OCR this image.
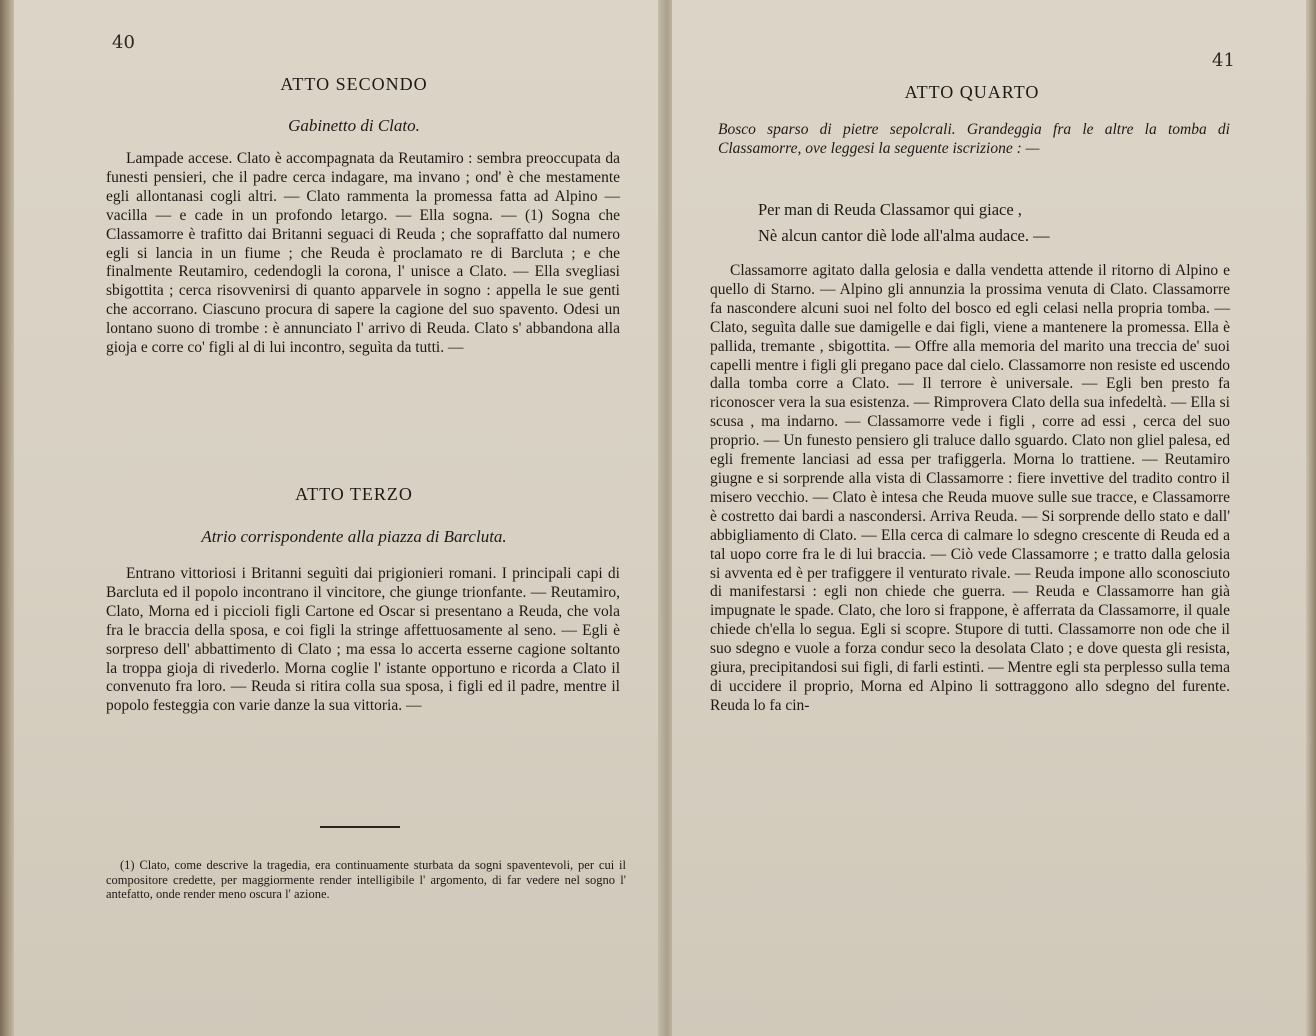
40
ATTO SECONDO
Gabinetto di Clato.

Lampade accese. Clato è accompagnata da Reutamiro : sembra preoccupata da funesti pensieri, che il padre cerca indagare, ma invano ; ond' è che mestamente egli allontanasi cogli altri. — Clato rammenta la promessa fatta ad Alpino — vacilla — e cade in un profondo letargo. — Ella sogna. — (1) Sogna che Classamorre è trafitto dai Britanni seguaci di Reuda ; che sopraffatto dal numero egli si lancia in un fiume ; che Reuda è proclamato re di Barcluta ; e che finalmente Reutamiro, cedendogli la corona, l' unisce a Clato. — Ella svegliasi sbigottita ; cerca risovvenirsi di quanto apparvele in sogno : appella le sue genti che accorrano. Ciascuno procura di sapere la cagione del suo spavento. Odesi un lontano suono di trombe : è annunciato l' arrivo di Reuda. Clato s' abbandona alla gioja e corre co' figli al di lui incontro, seguìta da tutti. —

ATTO TERZO
Atrio corrispondente alla piazza di Barcluta.

Entrano vittoriosi i Britanni seguìti dai prigionieri romani. I principali capi di Barcluta ed il popolo incontrano il vincitore, che giunge trionfante. — Reutamiro, Clato, Morna ed i piccioli figli Cartone ed Oscar si presentano a Reuda, che vola fra le braccia della sposa, e coi figli la stringe affettuosamente al seno. — Egli è sorpreso dell' abbattimento di Clato ; ma essa lo accerta esserne cagione soltanto la troppa gioja di rivederlo. Morna coglie l' istante opportuno e ricorda a Clato il convenuto fra loro. — Reuda si ritira colla sua sposa, i figli ed il padre, mentre il popolo festeggia con varie danze la sua vittoria. —

(1) Clato, come descrive la tragedia, era continuamente sturbata da sogni spaventevoli, per cui il compositore credette, per maggiormente render intelligibile l' argomento, di far vedere nel sogno l' antefatto, onde render meno oscura l' azione.

41
ATTO QUARTO

Bosco sparso di pietre sepolcrali. Grandeggia fra le altre la tomba di Classamorre, ove leggesi la seguente iscrizione : —

Per man di Reuda Classamor qui giace ,
Nè alcun cantor diè lode all'alma audace. —

Classamorre agitato dalla gelosia e dalla vendetta attende il ritorno di Alpino e quello di Starno. — Alpino gli annunzia la prossima venuta di Clato. Classamorre fa nascondere alcuni suoi nel folto del bosco ed egli celasi nella propria tomba. — Clato, seguìta dalle sue damigelle e dai figli, viene a mantenere la promessa. Ella è pallida, tremante , sbigottita. — Offre alla memoria del marito una treccia de' suoi capelli mentre i figli gli pregano pace dal cielo. Classamorre non resiste ed uscendo dalla tomba corre a Clato. — Il terrore è universale. — Egli ben presto fa riconoscer vera la sua esistenza. — Rimprovera Clato della sua infedeltà. — Ella si scusa , ma indarno. — Classamorre vede i figli , corre ad essi , cerca del suo proprio. — Un funesto pensiero gli traluce dallo sguardo. Clato non gliel palesa, ed egli fremente lanciasi ad essa per trafiggerla. Morna lo trattiene. — Reutamiro giugne e si sorprende alla vista di Classamorre : fiere invettive del tradito contro il misero vecchio. — Clato è intesa che Reuda muove sulle sue tracce, e Classamorre è costretto dai bardi a nascondersi. Arriva Reuda. — Si sorprende dello stato e dall' abbigliamento di Clato. — Ella cerca di calmare lo sdegno crescente di Reuda ed a tal uopo corre fra le di lui braccia. — Ciò vede Classamorre ; e tratto dalla gelosia si avventa ed è per trafiggere il venturato rivale. — Reuda impone allo sconosciuto di manifestarsi : egli non chiede che guerra. — Reuda e Classamorre han già impugnate le spade. Clato, che loro si frappone, è afferrata da Classamorre, il quale chiede ch'ella lo segua. Egli si scopre. Stupore di tutti. Classamorre non ode che il suo sdegno e vuole a forza condur seco la desolata Clato ; e dove questa gli resista, giura, precipitandosi sui figli, di farli estinti. — Mentre egli sta perplesso sulla tema di uccidere il proprio, Morna ed Alpino li sottraggono allo sdegno del furente. Reuda lo fa cin-
